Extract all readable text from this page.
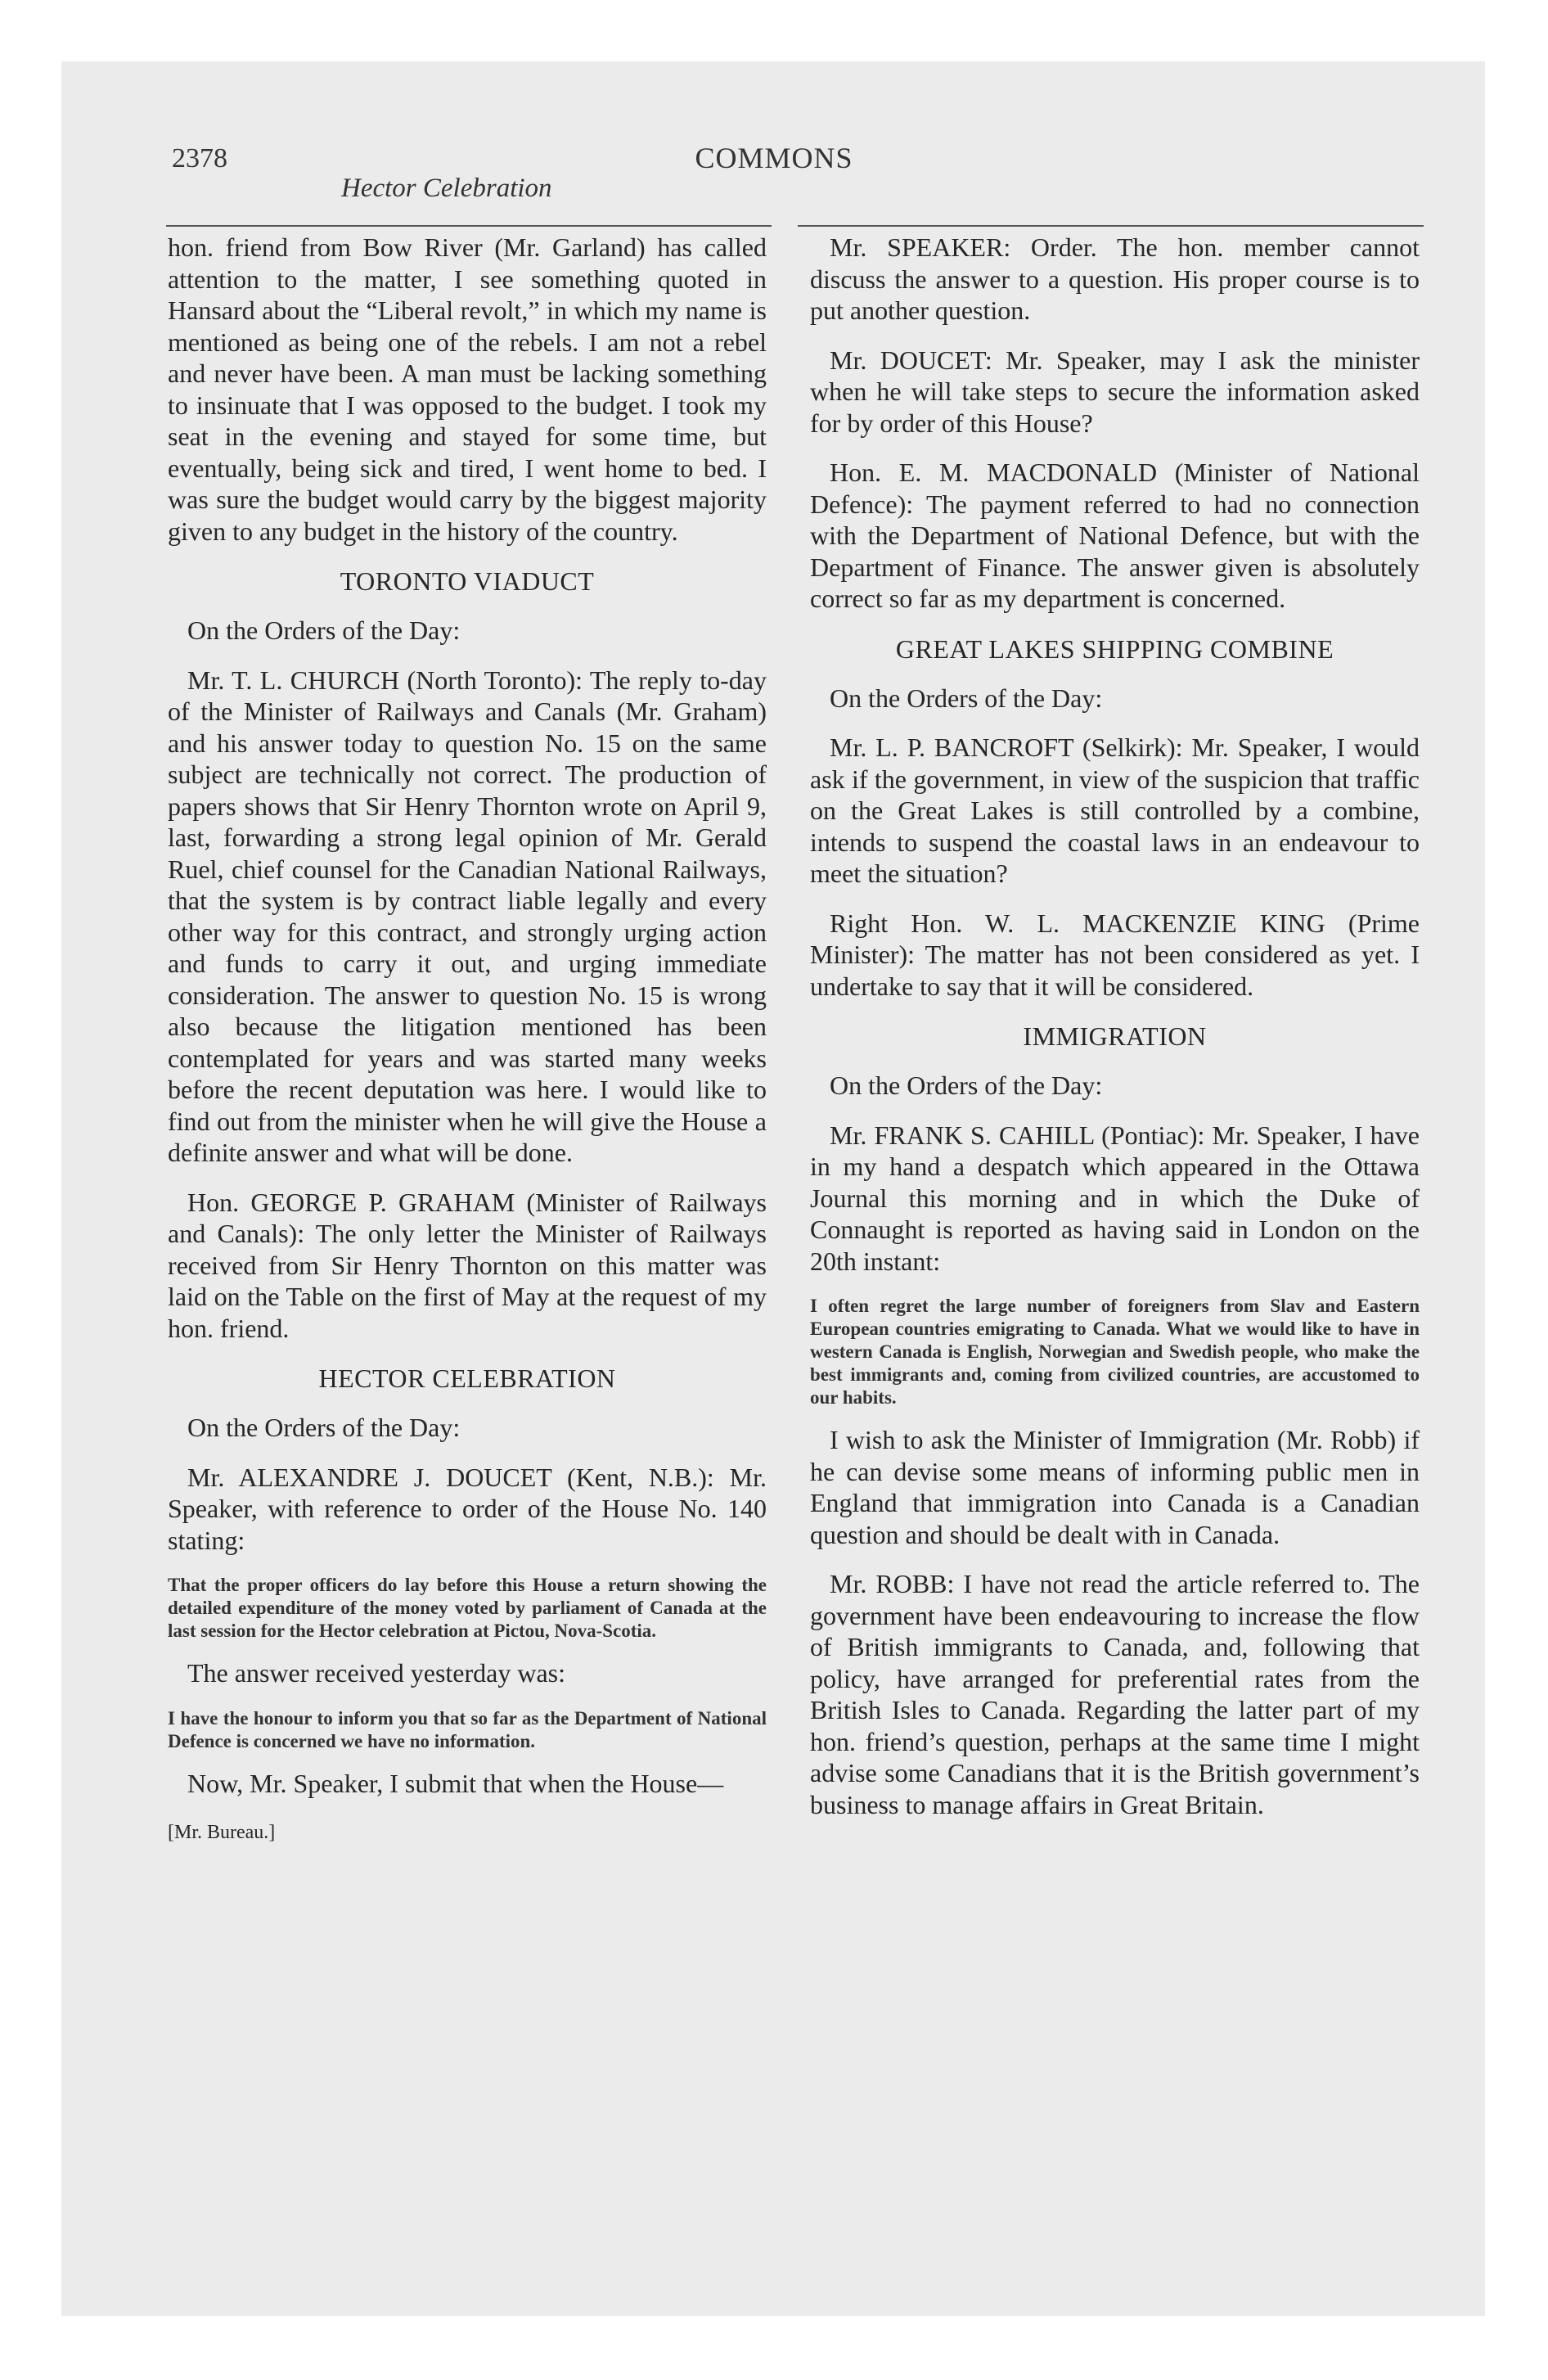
2378	COMMONS
Hector Celebration

hon. friend from Bow River (Mr. Garland) has called attention to the matter, I see something quoted in Hansard about the “Liberal revolt,” in which my name is mentioned as being one of the rebels. I am not a rebel and never have been. A man must be lacking something to insinuate that I was opposed to the budget. I took my seat in the evening and stayed for some time, but eventually, being sick and tired, I went home to bed. I was sure the budget would carry by the biggest majority given to any budget in the history of the country.

TORONTO VIADUCT

On the Orders of the Day:

Mr. T. L. CHURCH (North Toronto): The reply to-day of the Minister of Railways and Canals (Mr. Graham) and his answer today to question No. 15 on the same subject are technically not correct. The production of papers shows that Sir Henry Thornton wrote on April 9, last, forwarding a strong legal opinion of Mr. Gerald Ruel, chief counsel for the Canadian National Railways, that the system is by contract liable legally and every other way for this contract, and strongly urging action and funds to carry it out, and urging immediate consideration. The answer to question No. 15 is wrong also because the litigation mentioned has been contemplated for years and was started many weeks before the recent deputation was here. I would like to find out from the minister when he will give the House a definite answer and what will be done.

Hon. GEORGE P. GRAHAM (Minister of Railways and Canals): The only letter the Minister of Railways received from Sir Henry Thornton on this matter was laid on the Table on the first of May at the request of my hon. friend.

HECTOR CELEBRATION

On the Orders of the Day:

Mr. ALEXANDRE J. DOUCET (Kent, N.B.): Mr. Speaker, with reference to order of the House No. 140 stating:

That the proper officers do lay before this House a return showing the detailed expenditure of the money voted by parliament of Canada at the last session for the Hector celebration at Pictou, Nova-Scotia.

The answer received yesterday was:

I have the honour to inform you that so far as the Department of National Defence is concerned we have no information.

Now, Mr. Speaker, I submit that when the House—

[Mr. Bureau.]

Mr. SPEAKER: Order. The hon. member cannot discuss the answer to a question. His proper course is to put another question.

Mr. DOUCET: Mr. Speaker, may I ask the minister when he will take steps to secure the information asked for by order of this House?

Hon. E. M. MACDONALD (Minister of National Defence): The payment referred to had no connection with the Department of National Defence, but with the Department of Finance. The answer given is absolutely correct so far as my department is concerned.

GREAT LAKES SHIPPING COMBINE

On the Orders of the Day:

Mr. L. P. BANCROFT (Selkirk): Mr. Speaker, I would ask if the government, in view of the suspicion that traffic on the Great Lakes is still controlled by a combine, intends to suspend the coastal laws in an endeavour to meet the situation?

Right Hon. W. L. MACKENZIE KING (Prime Minister): The matter has not been considered as yet. I undertake to say that it will be considered.

IMMIGRATION

On the Orders of the Day:

Mr. FRANK S. CAHILL (Pontiac): Mr. Speaker, I have in my hand a despatch which appeared in the Ottawa Journal this morning and in which the Duke of Connaught is reported as having said in London on the 20th instant:

I often regret the large number of foreigners from Slav and Eastern European countries emigrating to Canada. What we would like to have in western Canada is English, Norwegian and Swedish people, who make the best immigrants and, coming from civilized countries, are accustomed to our habits.

I wish to ask the Minister of Immigration (Mr. Robb) if he can devise some means of informing public men in England that immigration into Canada is a Canadian question and should be dealt with in Canada.

Mr. ROBB: I have not read the article referred to. The government have been endeavouring to increase the flow of British immigrants to Canada, and, following that policy, have arranged for preferential rates from the British Isles to Canada. Regarding the latter part of my hon. friend’s question, perhaps at the same time I might advise some Canadians that it is the British government’s business to manage affairs in Great Britain.
